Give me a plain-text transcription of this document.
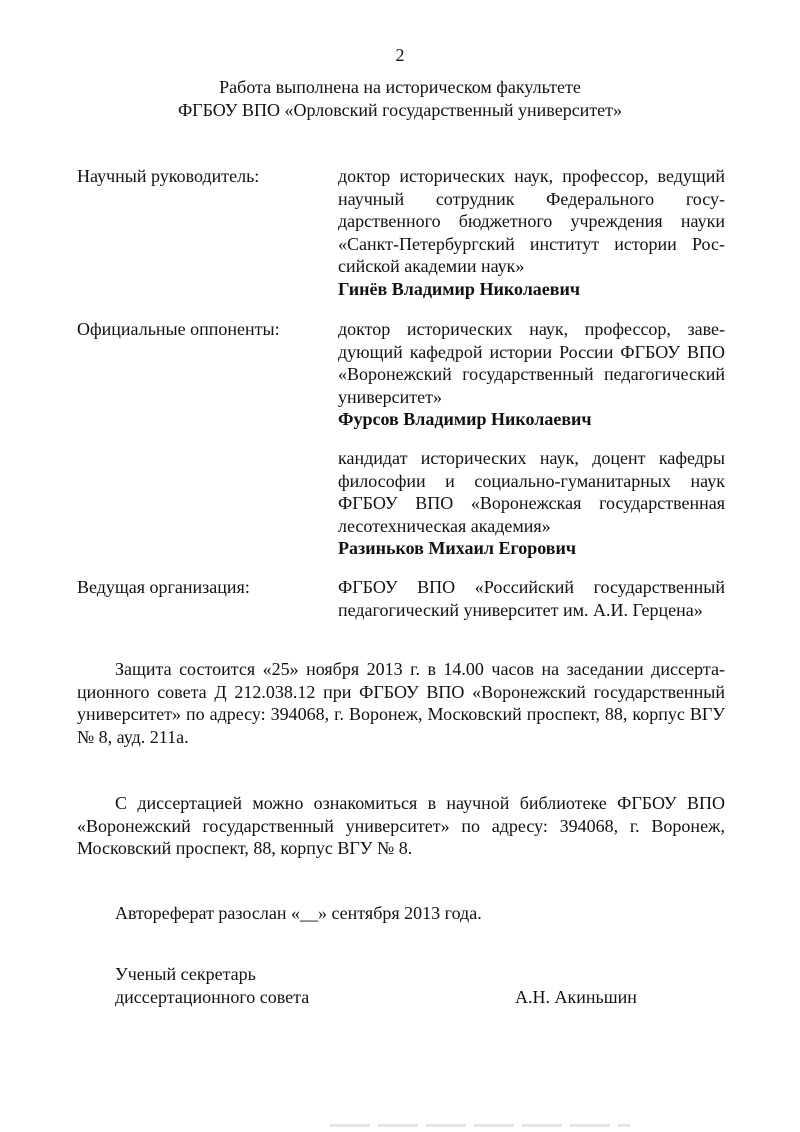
2
Работа выполнена на историческом факультете
ФГБОУ ВПО «Орловский государственный университет»
Научный руководитель:	доктор исторических наук, профессор, ведущий научный сотрудник Федерального государственного бюджетного учреждения науки «Санкт-Петербургский институт истории Российской академии наук»
Гинёв Владимир Николаевич
Официальные оппоненты:	доктор исторических наук, профессор, заведующий кафедрой истории России ФГБОУ ВПО «Воронежский государственный педагогический университет»
Фурсов Владимир Николаевич
кандидат исторических наук, доцент кафедры философии и социально-гуманитарных наук ФГБОУ ВПО «Воронежская государственная лесотехническая академия»
Разиньков Михаил Егорович
Ведущая организация:	ФГБОУ ВПО «Российский государственный педагогический университет им. А.И. Герцена»
Защита состоится «25» ноября 2013 г. в 14.00 часов на заседании диссертационного совета Д 212.038.12 при ФГБОУ ВПО «Воронежский государственный университет» по адресу: 394068, г. Воронеж, Московский проспект, 88, корпус ВГУ № 8, ауд. 211а.
С диссертацией можно ознакомиться в научной библиотеке ФГБОУ ВПО «Воронежский государственный университет» по адресу: 394068, г. Воронеж, Московский проспект, 88, корпус ВГУ № 8.
Автореферат разослан «__» сентября 2013 года.
Ученый секретарь
диссертационного совета	А.Н. Акиньшин
